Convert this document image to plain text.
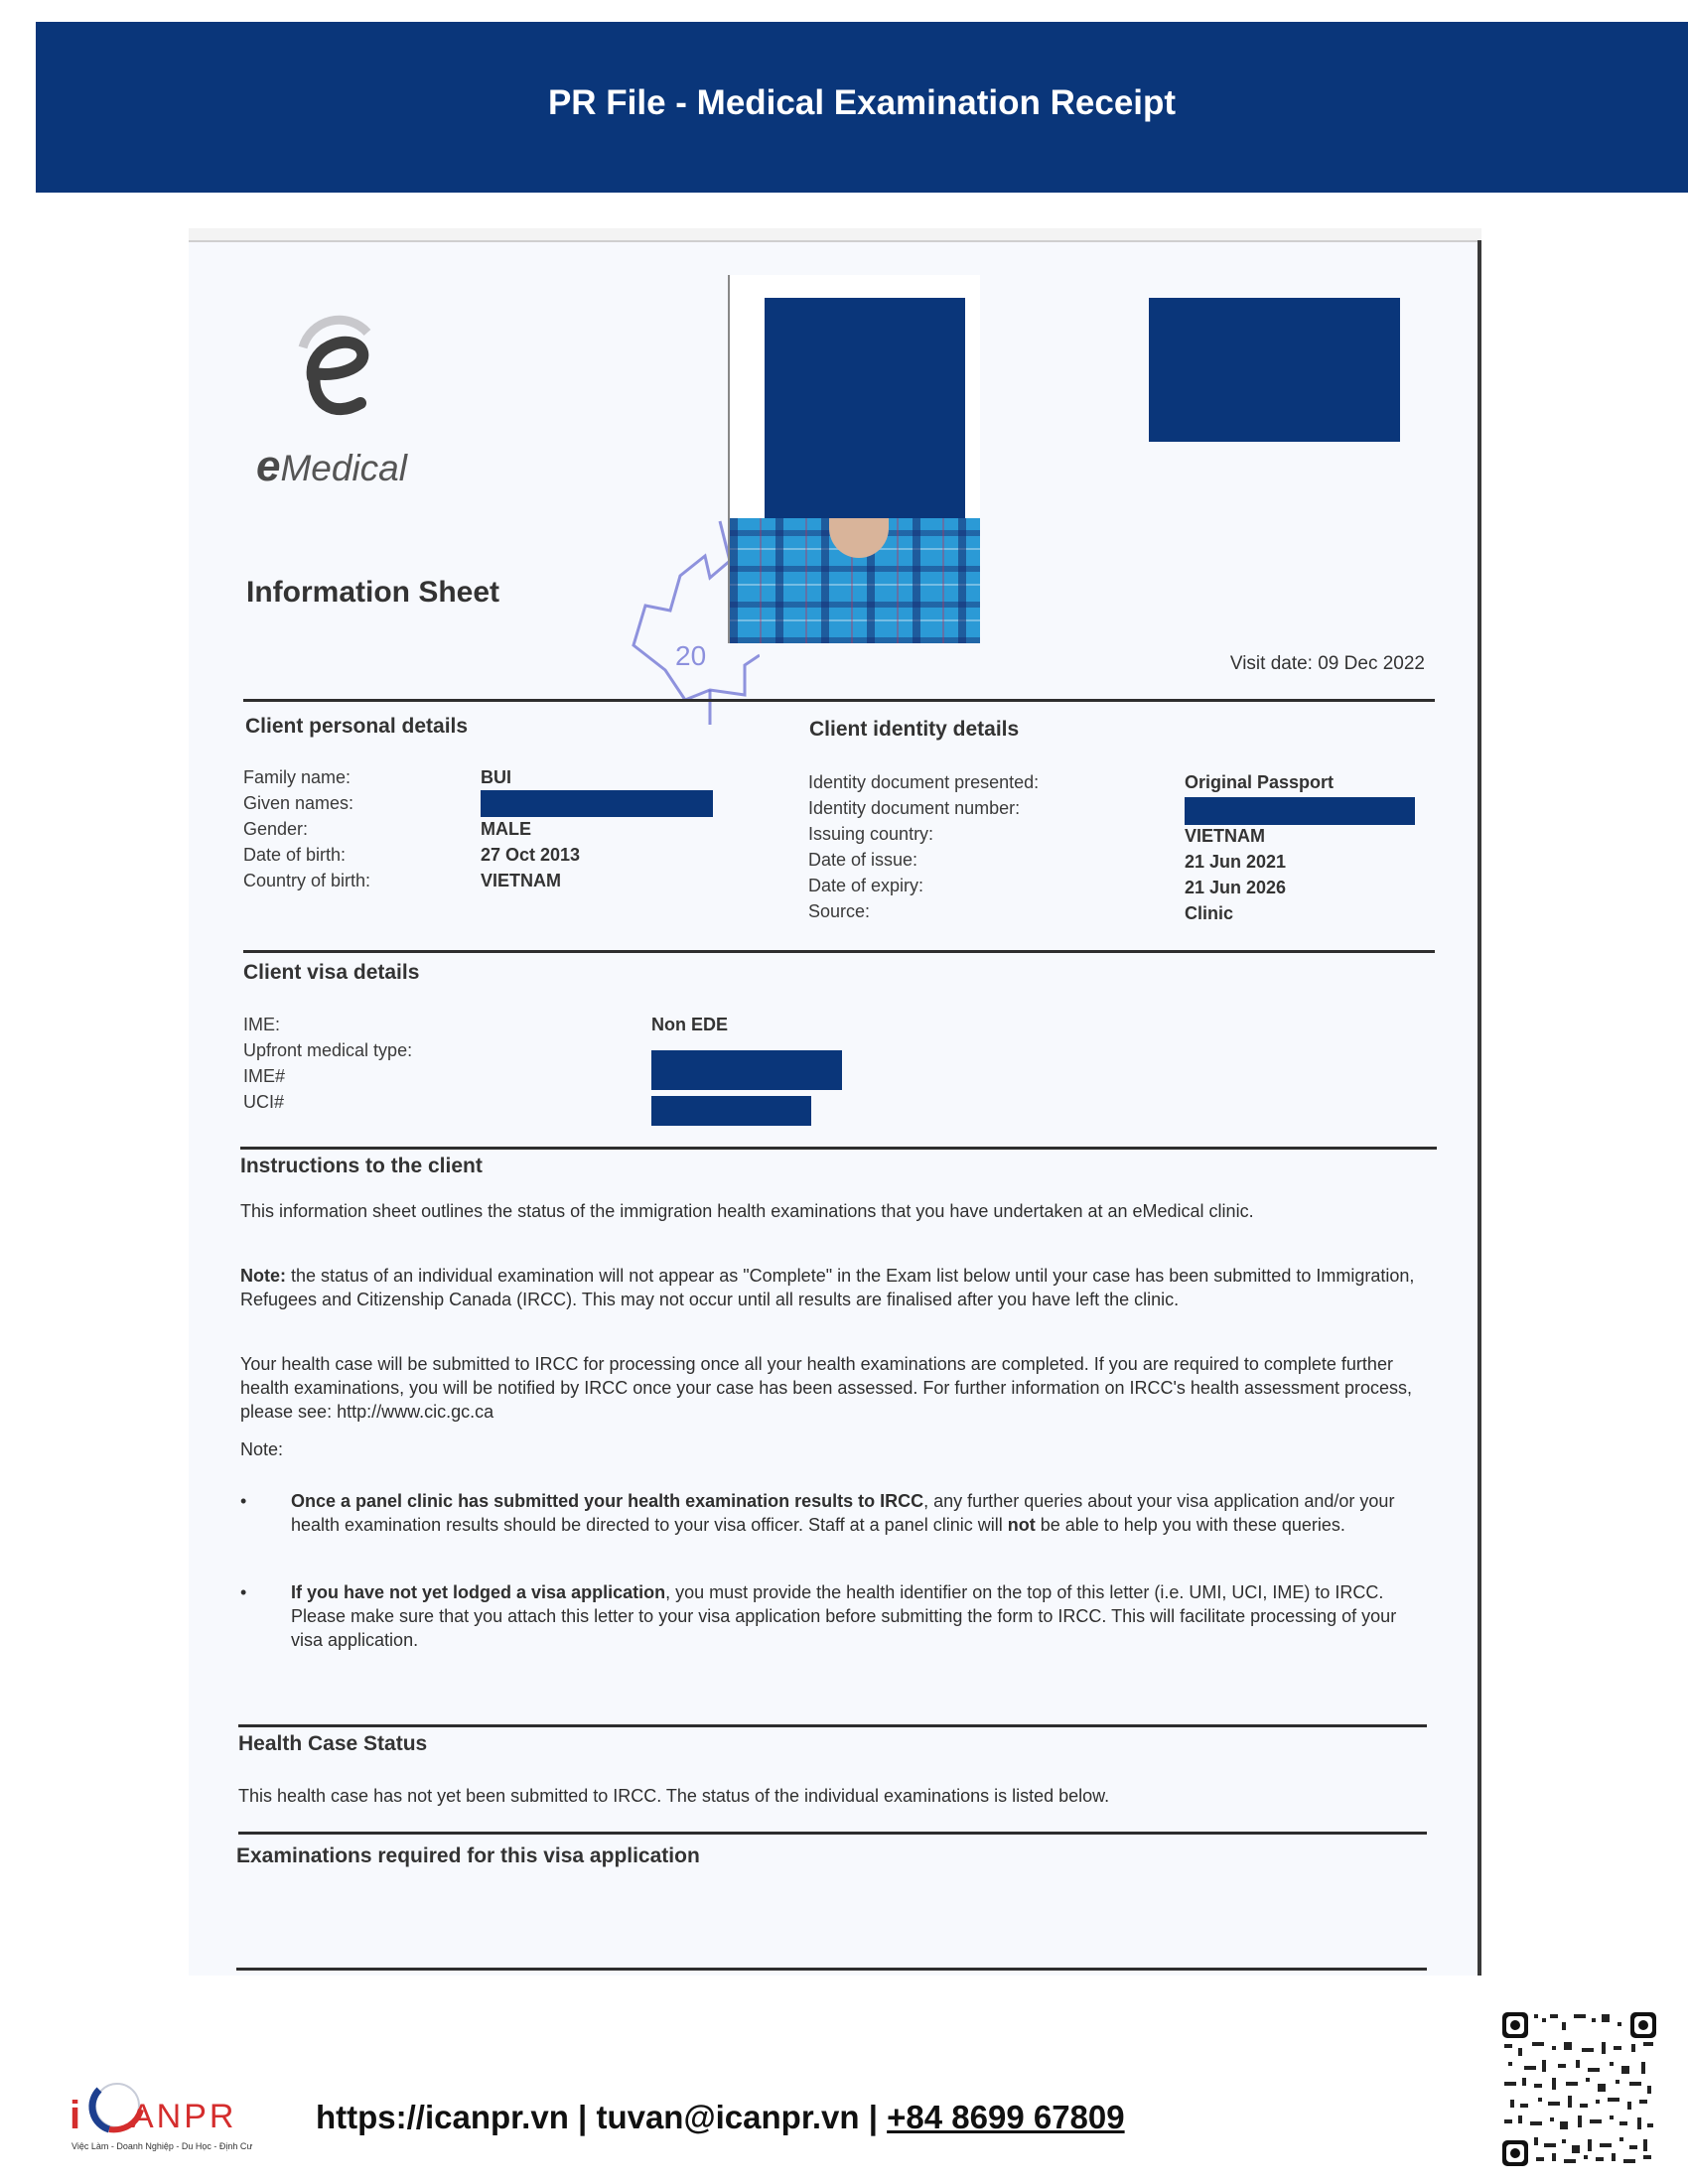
PR File - Medical Examination Receipt
eMedical
20
Information Sheet
Visit date: 09 Dec 2022
Client personal details
Family name:
Given names:
Gender:
Date of birth:
Country of birth:
BUI
MALE
27 Oct 2013
VIETNAM
Client identity details
Identity document presented:
Identity document number:
Issuing country:
Date of issue:
Date of expiry:
Source:
Original Passport
VIETNAM
21 Jun 2021
21 Jun 2026
Clinic
Client visa details
IME:
Upfront medical type:
IME#
UCI#
Non EDE
Instructions to the client
This information sheet outlines the status of the immigration health examinations that you have undertaken at an eMedical clinic.
Note: the status of an individual examination will not appear as "Complete" in the Exam list below until your case has been submitted to Immigration, Refugees and Citizenship Canada (IRCC). This may not occur until all results are finalised after you have left the clinic.
Your health case will be submitted to IRCC for processing once all your health examinations are completed. If you are required to complete further health examinations, you will be notified by IRCC once your case has been assessed. For further information on IRCC's health assessment process, please see: http://www.cic.gc.ca
Note:
• Once a panel clinic has submitted your health examination results to IRCC, any further queries about your visa application and/or your health examination results should be directed to your visa officer. Staff at a panel clinic will not be able to help you with these queries.
• If you have not yet lodged a visa application, you must provide the health identifier on the top of this letter (i.e. UMI, UCI, IME) to IRCC. Please make sure that you attach this letter to your visa application before submitting the form to IRCC. This will facilitate processing of your visa application.
Health Case Status
This health case has not yet been submitted to IRCC. The status of the individual examinations is listed below.
Examinations required for this visa application
i ANPR
Việc Làm - Doanh Nghiệp - Du Học - Định Cư
https://icanpr.vn | tuvan@icanpr.vn | +84 8699 67809
